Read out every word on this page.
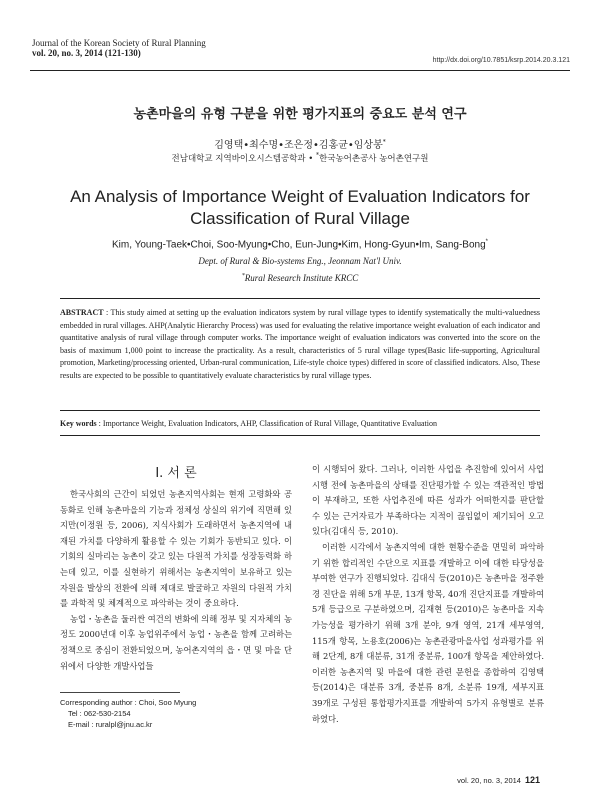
Journal of the Korean Society of Rural Planning
vol. 20, no. 3, 2014 (121-130)
http://dx.doi.org/10.7851/ksrp.2014.20.3.121
농촌마을의 유형 구분을 위한 평가지표의 중요도 분석 연구
김영택•최수명•조은정•김홍균•임상봉*
전남대학교 지역바이오시스템공학과 • *한국농어촌공사 농어촌연구원
An Analysis of Importance Weight of Evaluation Indicators for Classification of Rural Village
Kim, Young-Taek•Choi, Soo-Myung•Cho, Eun-Jung•Kim, Hong-Gyun•Im, Sang-Bong*
Dept. of Rural & Bio-systems Eng., Jeonnam Nat'l Univ.
*Rural Research Institute KRCC
ABSTRACT : This study aimed at setting up the evaluation indicators system by rural village types to identify systematically the multi-valuedness embedded in rural villages. AHP(Analytic Hierarchy Process) was used for evaluating the relative importance weight evaluation of each indicator and quantitative analysis of rural village through computer works. The importance weight of evaluation indicators was converted into the score on the basis of maximum 1,000 point to increase the practicality. As a result, characteristics of 5 rural village types(Basic life-supporting, Agricultural promotion, Marketing/processing oriented, Urban-rural communication, Life-style choice types) differed in score of classified indicators. Also, These results are expected to be possible to quantitatively evaluate characteristics by rural village types.
Key words : Importance Weight, Evaluation Indicators, AHP, Classification of Rural Village, Quantitative Evaluation
Ⅰ. 서 론

한국사회의 근간이 되었던 농촌지역사회는 현재 고령화와 공동화로 인해 농촌마을의 기능과 정체성 상실의 위기에 직면해 있지만(이정원 등, 2006), 지식사회가 도래하면서 농촌지역에 내재된 가치를 다양하게 활용할 수 있는 기회가 동반되고 있다. 이 기회의 실마리는 농촌이 갖고 있는 다원적 가치를 성장동력화 하는데 있고, 이를 실현하기 위해서는 농촌지역이 보유하고 있는 자원을 발상의 전환에 의해 제대로 발굴하고 자원의 다원적 가치를 과학적 및 체계적으로 파악하는 것이 중요하다.

농업・농촌을 둘러싼 여건의 변화에 의해 정부 및 지자체의 농정도 2000년대 이후 농업위주에서 농업・농촌을 함께 고려하는 정책으로 중심이 전환되었으며, 농어촌지역의 읍・면 및 마을 단위에서 다양한 개발사업들

이 시행되어 왔다. 그러나, 이러한 사업을 추진함에 있어서 사업시행 전에 농촌마을의 상태를 진단평가할 수 있는 객관적인 방법이 부재하고, 또한 사업추진에 따른 성과가 어떠한지를 판단할 수 있는 근거자료가 부족하다는 지적이 끊임없이 제기되어 오고 있다(김대식 등, 2010).

이러한 시각에서 농촌지역에 대한 현황수준을 면밀히 파악하기 위한 합리적인 수단으로 지표를 개발하고 이에 대한 타당성을 부여한 연구가 진행되었다. 김대식 등(2010)은 농촌마을 정주환경 진단을 위해 5개 부문, 13개 항목, 40개 진단지표를 개발하여 5개 등급으로 구분하였으며, 김재현 등(2010)은 농촌마을 지속가능성을 평가하기 위해 3개 분야, 9개 영역, 21개 세부영역, 115개 항목, 노용호(2006)는 농촌관광마을사업 성과평가를 위해 2단계, 8개 대분류, 31개 중분류, 100개 항목을 제안하였다. 이러한 농촌지역 및 마을에 대한 관련 문헌을 종합하여 김영택 등(2014)은 대분류 3개, 중분류 8개, 소분류 19개, 세부지표 39개로 구성된 통합평가지표를 개발하여 5가지 유형별로 분류하였다.

Corresponding author : Choi, Soo Myung
Tel : 062-530-2154
E-mail : ruralpl@jnu.ac.kr
vol. 20, no. 3, 2014 121
